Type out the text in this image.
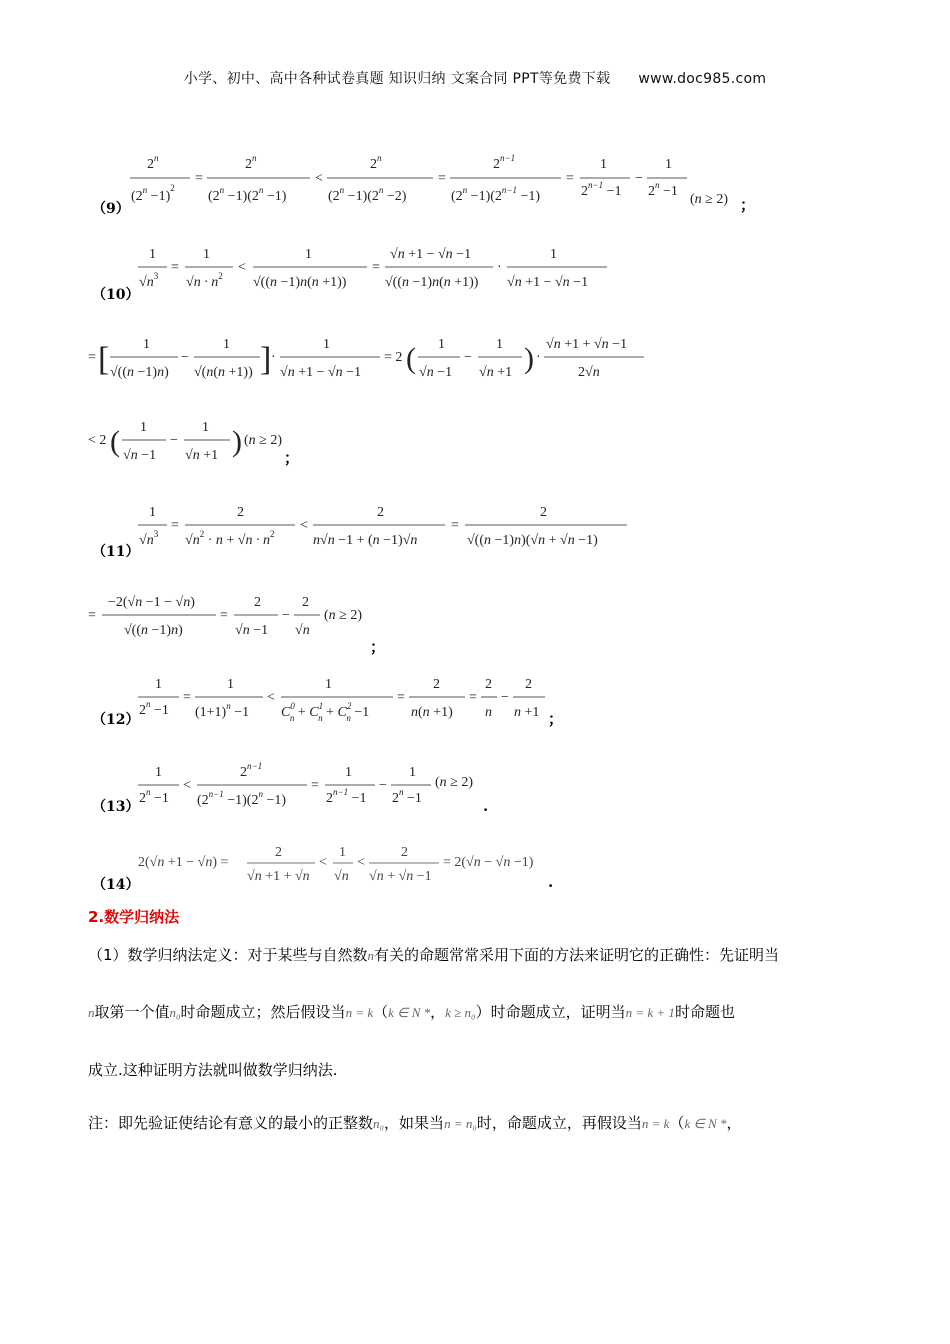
小学、初中、高中各种试卷真题 知识归纳 文案合同 PPT等免费下载 www.doc985.com
2$^n$
$(2^n -1)^2$
=
$2^n$
$(2^n -1)(2^n -1)$
<
$2^n$
$(2^n -1)(2^n -2)$
=
$2^{n-1}$
$(2^n -1)(2^{n-1} -1)$
=
1
$2^{n-1} -1$
−
1
$2^n -1$
(n ≥ 2)
（9）	；
1
$√n^3$
=
1
$√n \cdot n^2$
<
1
√((n −1)n(n +1))
=
√n +1 − √n −1
√((n −1)n(n +1))
·
1
√n +1 − √n −1
（10）
= [ 1
√((n −1)n)
−
1
√(n(n +1)) ] ·
1
√n +1 − √n −1
= 2 ( 1
√n −1
−
1
√n +1 ) ·
√n +1 + √n −1
2√n
< 2 ( 1
√n −1
−
1
√n +1 ) (n ≥ 2)
；
1
$√n^3$
=
2
$√n^2 \cdot n + √n \cdot n^2$
<
2
n√n −1 + (n −1)√n
=
2
√((n −1)n)(√n + √n −1)
（11）
=
−2(√n −1 − √n)
√((n −1)n)
=
2
√n −1
−
2
√n
(n ≥ 2)
；
1
$2^n -1$
=
1
$(1+1)^n -1$
<
1
$C^0$ $n + C^1$ $n + C^2$ n −1
=
2
n(n +1)
=
2
n
−
2
n +1
（12）	；
1
$2^n -1$
<
$2^{n-1}$
$(2^{n-1} -1)(2^n -1)$
=
1
$2^{n-1} -1$
−
1
$2^n -1$
(n ≥ 2)
（13）	.
2(√n +1 − √n) =
2
√n +1 + √n
<
1
√n
<
2
√n + √n −1
= 2(√n − √n −1)
（14）	.
2.数学归纳法
（1）数学归纳法定义：对于某些与自然数n有关的命题常常采用下面的方法来证明它的正确性：先证明当
n取第一个值n₀时命题成立；然后假设当n = k（k ∈ N *，k ≥ n₀）时命题成立，证明当n = k + 1时命题也
成立.这种证明方法就叫做数学归纳法.
注：即先验证使结论有意义的最小的正整数n₀，如果当n = n₀时，命题成立，再假设当n = k（k ∈ N *，
